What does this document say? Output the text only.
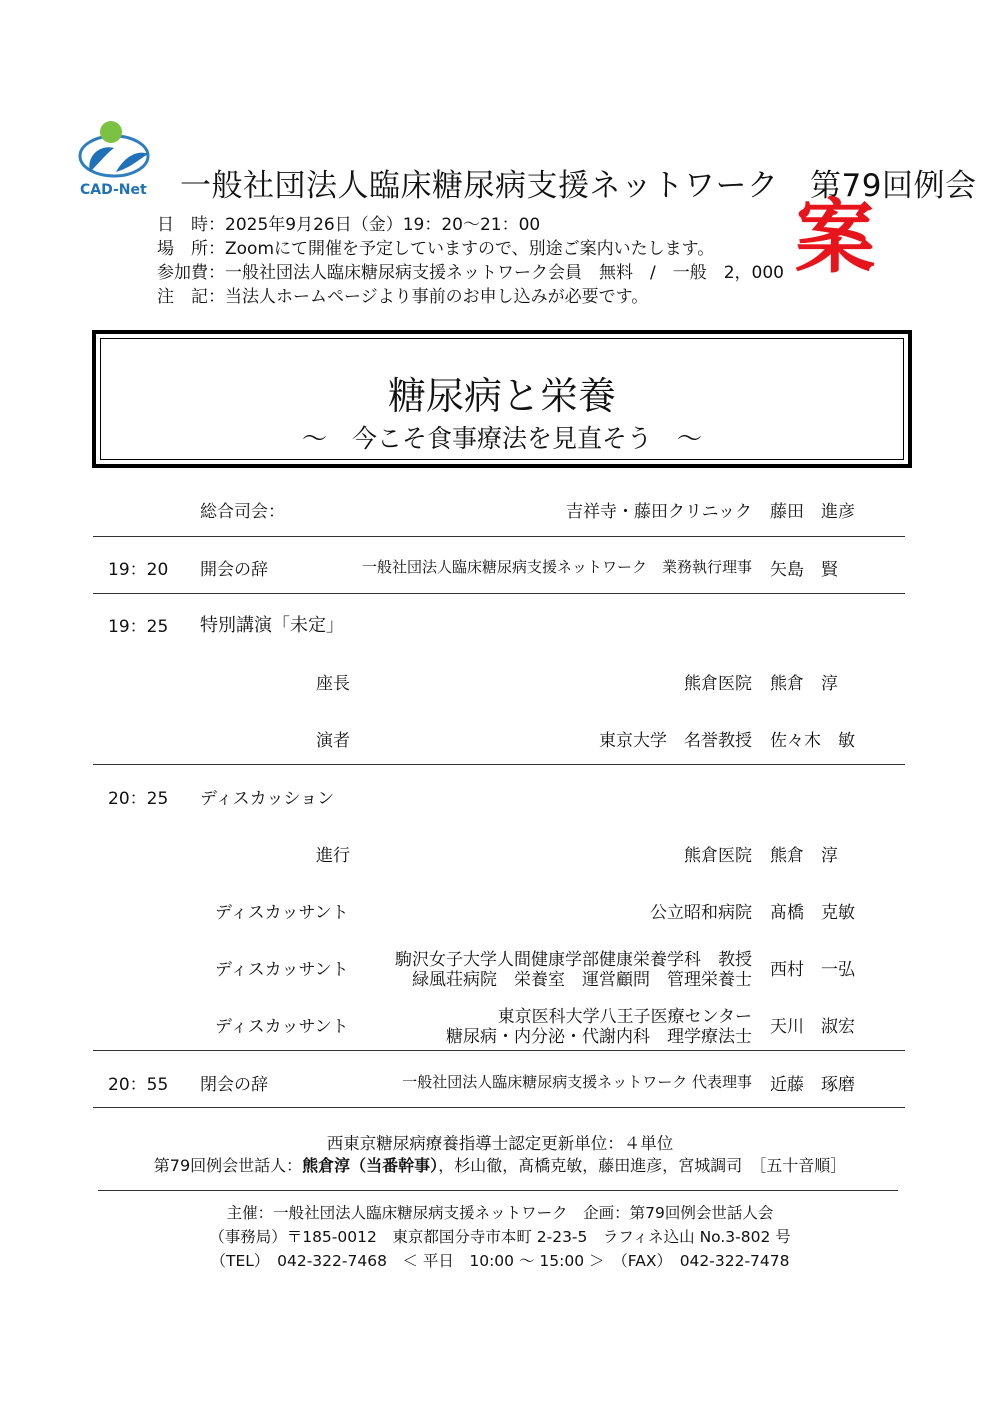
CAD-Net 一般社団法人臨床糖尿病支援ネットワーク　第79回例会
日　時：2025年9月26日（金）19：20～21：00
場　所：Zoomにて開催を予定していますので、別途ご案内いたします。
参加費：一般社団法人臨床糖尿病支援ネットワーク会員　無料　/　一般　2，000
注　記：当法人ホームページより事前のお申し込みが必要です。
案
糖尿病と栄養
～　今こそ食事療法を見直そう　～
総合司会：	吉祥寺・藤田クリニック 藤田　進彦
19：20 開会の辞	一般社団法人臨床糖尿病支援ネットワーク　業務執行理事 矢島　賢
19：25 特別講演「未定」
座長	熊倉医院 熊倉　淳
演者	東京大学　名誉教授 佐々木　敏
20：25 ディスカッション
進行	熊倉医院 熊倉　淳
ディスカッサント	公立昭和病院 髙橋　克敏
ディスカッサント	駒沢女子大学人間健康学部健康栄養学科　教授
緑風荘病院　栄養室　運営顧問　管理栄養士 西村　一弘
ディスカッサント	東京医科大学八王子医療センター
糖尿病・内分泌・代謝内科　理学療法士 天川　淑宏
20：55 閉会の辞	一般社団法人臨床糖尿病支援ネットワーク 代表理事 近藤　琢磨
西東京糖尿病療養指導士認定更新単位：４単位
第79回例会世話人：熊倉淳（当番幹事），杉山徹，髙橋克敏，藤田進彦，宮城調司　［五十音順］
主催：一般社団法人臨床糖尿病支援ネットワーク　企画：第79回例会世話人会
（事務局）〒185-0012　東京都国分寺市本町 2-23-5　ラフィネ込山 No.3-802 号
（TEL）　042-322-7468　＜ 平日　10:00 ～ 15:00 ＞　（FAX）　042-322-7478
